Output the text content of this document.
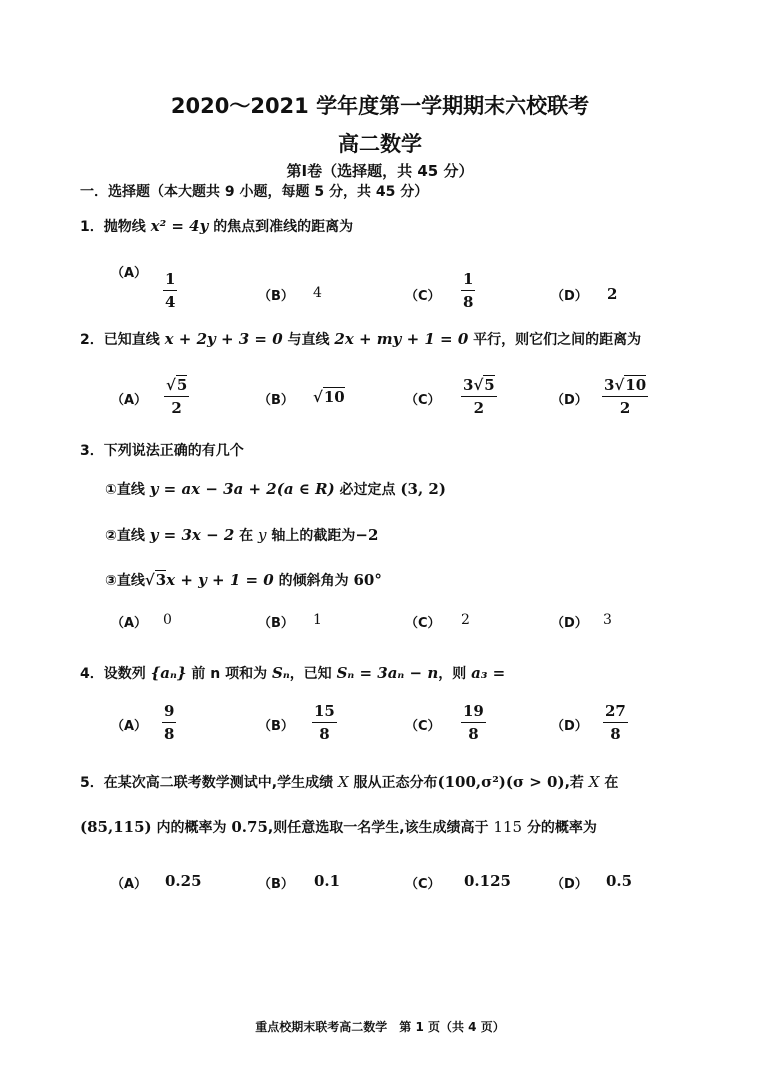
2020～2021 学年度第一学期期末六校联考
高二数学
第Ⅰ卷（选择题，共 45 分）
一．选择题（本大题共 9 小题，每题 5 分，共 45 分）
1．抛物线 x² = 4y 的焦点到准线的距离为
$(A) \frac{1}{4}$	（B） 4	$(C) \frac{1}{8}$	（D） 2
2．已知直线 x + 2y + 3 = 0 与直线 2x + my + 1 = 0 平行，则它们之间的距离为
$(A) \frac{√5}{2}$	（B） √10	$(C) \frac{3√5}{2}$	$(D) \frac{3√10}{2}$
3．下列说法正确的有几个
①直线 y = ax − 3a + 2(a ∈ R) 必过定点 (3, 2)
②直线 y = 3x − 2 在 y 轴上的截距为−2
③直线√3x + y + 1 = 0 的倾斜角为 60°
（A） 0	（B） 1	（C） 2	（D） 3
4．设数列 {aₙ} 前 n 项和为 Sₙ，已知 Sₙ = 3aₙ − n，则 a₃ =
$(A) \frac{9}{8}$	$(B) \frac{15}{8}$	$(C) \frac{19}{8}$	$(D) \frac{27}{8}$
5．在某次高二联考数学测试中,学生成绩 X 服从正态分布(100,σ²)(σ > 0),若 X 在
(85,115) 内的概率为 0.75,则任意选取一名学生,该生成绩高于 115 分的概率为
（A） 0.25	（B） 0.1	（C） 0.125	（D） 0.5
重点校期末联考高二数学　第 1 页（共 4 页）
